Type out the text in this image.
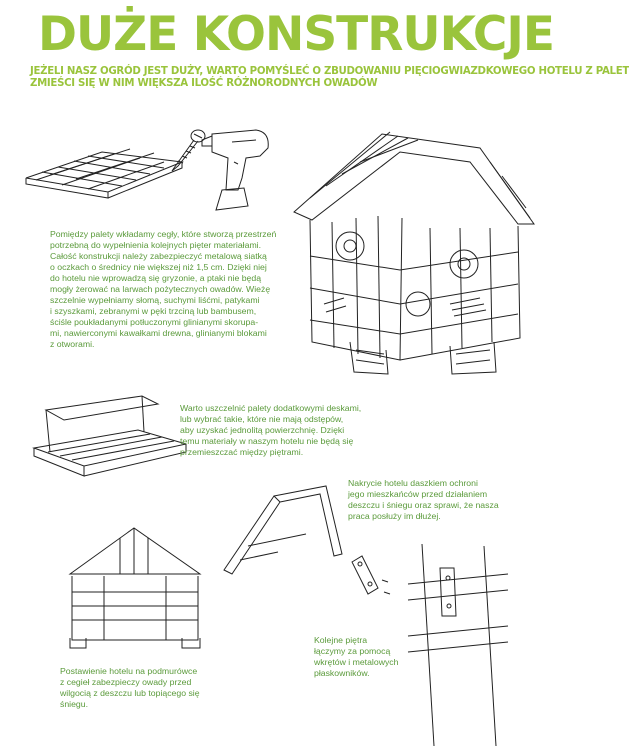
DUŻE KONSTRUKCJE
JEŻELI NASZ OGRÓD JEST DUŻY, WARTO POMYŚLEĆ O ZBUDOWANIU PIĘCIOGWIAZDKOWEGO HOTELU Z PALET
ZMIEŚCI SIĘ W NIM WIĘKSZA ILOŚĆ RÓŻNORODNYCH OWADÓW
Pomiędzy palety wkładamy cegły, które stworzą przestrzeń
potrzebną do wypełnienia kolejnych pięter materiałami.
Całość konstrukcji należy zabezpieczyć metalową siatką
o oczkach o średnicy nie większej niż 1,5 cm. Dzięki niej
do hotelu nie wprowadzą się gryzonie, a ptaki nie będą
mogły żerować na larwach pożytecznych owadów. Wieżę
szczelnie wypełniamy słomą, suchymi liśćmi, patykami
i szyszkami, zebranymi w pęki trzciną lub bambusem,
ściśle poukładanymi potłuczonymi glinianymi skorupa-
mi, nawierconymi kawałkami drewna, glinianymi blokami
z otworami.
Warto uszczelnić palety dodatkowymi deskami,
lub wybrać takie, które nie mają odstępów,
aby uzyskać jednolitą powierzchnię. Dzięki
temu materiały w naszym hotelu nie będą się
przemieszczać między piętrami.
Nakrycie hotelu daszkiem ochroni
jego mieszkańców przed działaniem
deszczu i śniegu oraz sprawi, że nasza
praca posłuży im dłużej.
Kolejne piętra
łączymy za pomocą
wkrętów i metalowych
płaskowników.
Postawienie hotelu na podmurówce
z cegieł zabezpieczy owady przed
wilgocią z deszczu lub topiącego się
śniegu.
